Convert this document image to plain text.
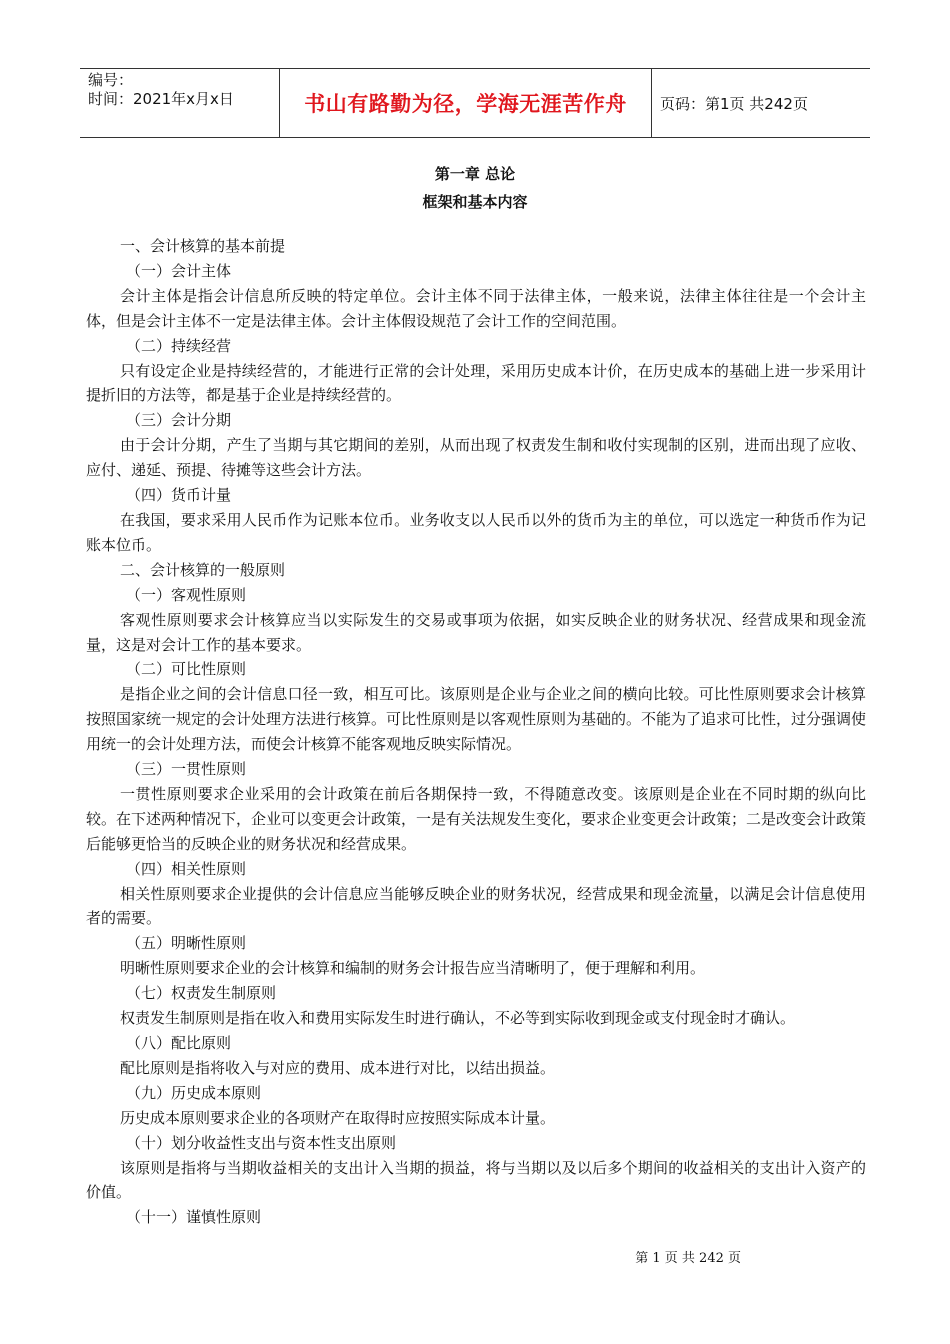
编号：
时间：2021年x月x日	书山有路勤为径，学海无涯苦作舟 页码：第1页 共242页
第一章 总论
框架和基本内容

一、会计核算的基本前提

（一）会计主体

会计主体是指会计信息所反映的特定单位。会计主体不同于法律主体，一般来说，法律主体往往是一个会计主体，但是会计主体不一定是法律主体。会计主体假设规范了会计工作的空间范围。

（二）持续经营

只有设定企业是持续经营的，才能进行正常的会计处理，采用历史成本计价，在历史成本的基础上进一步采用计提折旧的方法等，都是基于企业是持续经营的。

（三）会计分期

由于会计分期，产生了当期与其它期间的差别，从而出现了权责发生制和收付实现制的区别，进而出现了应收、应付、递延、预提、待摊等这些会计方法。

（四）货币计量

在我国，要求采用人民币作为记账本位币。业务收支以人民币以外的货币为主的单位，可以选定一种货币作为记账本位币。

二、会计核算的一般原则

（一）客观性原则

客观性原则要求会计核算应当以实际发生的交易或事项为依据，如实反映企业的财务状况、经营成果和现金流量，这是对会计工作的基本要求。

（二）可比性原则

是指企业之间的会计信息口径一致，相互可比。该原则是企业与企业之间的横向比较。可比性原则要求会计核算按照国家统一规定的会计处理方法进行核算。可比性原则是以客观性原则为基础的。不能为了追求可比性，过分强调使用统一的会计处理方法，而使会计核算不能客观地反映实际情况。

（三）一贯性原则

一贯性原则要求企业采用的会计政策在前后各期保持一致，不得随意改变。该原则是企业在不同时期的纵向比较。在下述两种情况下，企业可以变更会计政策，一是有关法规发生变化，要求企业变更会计政策；二是改变会计政策后能够更恰当的反映企业的财务状况和经营成果。

（四）相关性原则

相关性原则要求企业提供的会计信息应当能够反映企业的财务状况，经营成果和现金流量，以满足会计信息使用者的需要。

（五）明晰性原则

明晰性原则要求企业的会计核算和编制的财务会计报告应当清晰明了，便于理解和利用。

（七）权责发生制原则

权责发生制原则是指在收入和费用实际发生时进行确认，不必等到实际收到现金或支付现金时才确认。

（八）配比原则

配比原则是指将收入与对应的费用、成本进行对比，以结出损益。

（九）历史成本原则

历史成本原则要求企业的各项财产在取得时应按照实际成本计量。

（十）划分收益性支出与资本性支出原则

该原则是指将与当期收益相关的支出计入当期的损益，将与当期以及以后多个期间的收益相关的支出计入资产的价值。

（十一）谨慎性原则

第 1 页 共 242 页
